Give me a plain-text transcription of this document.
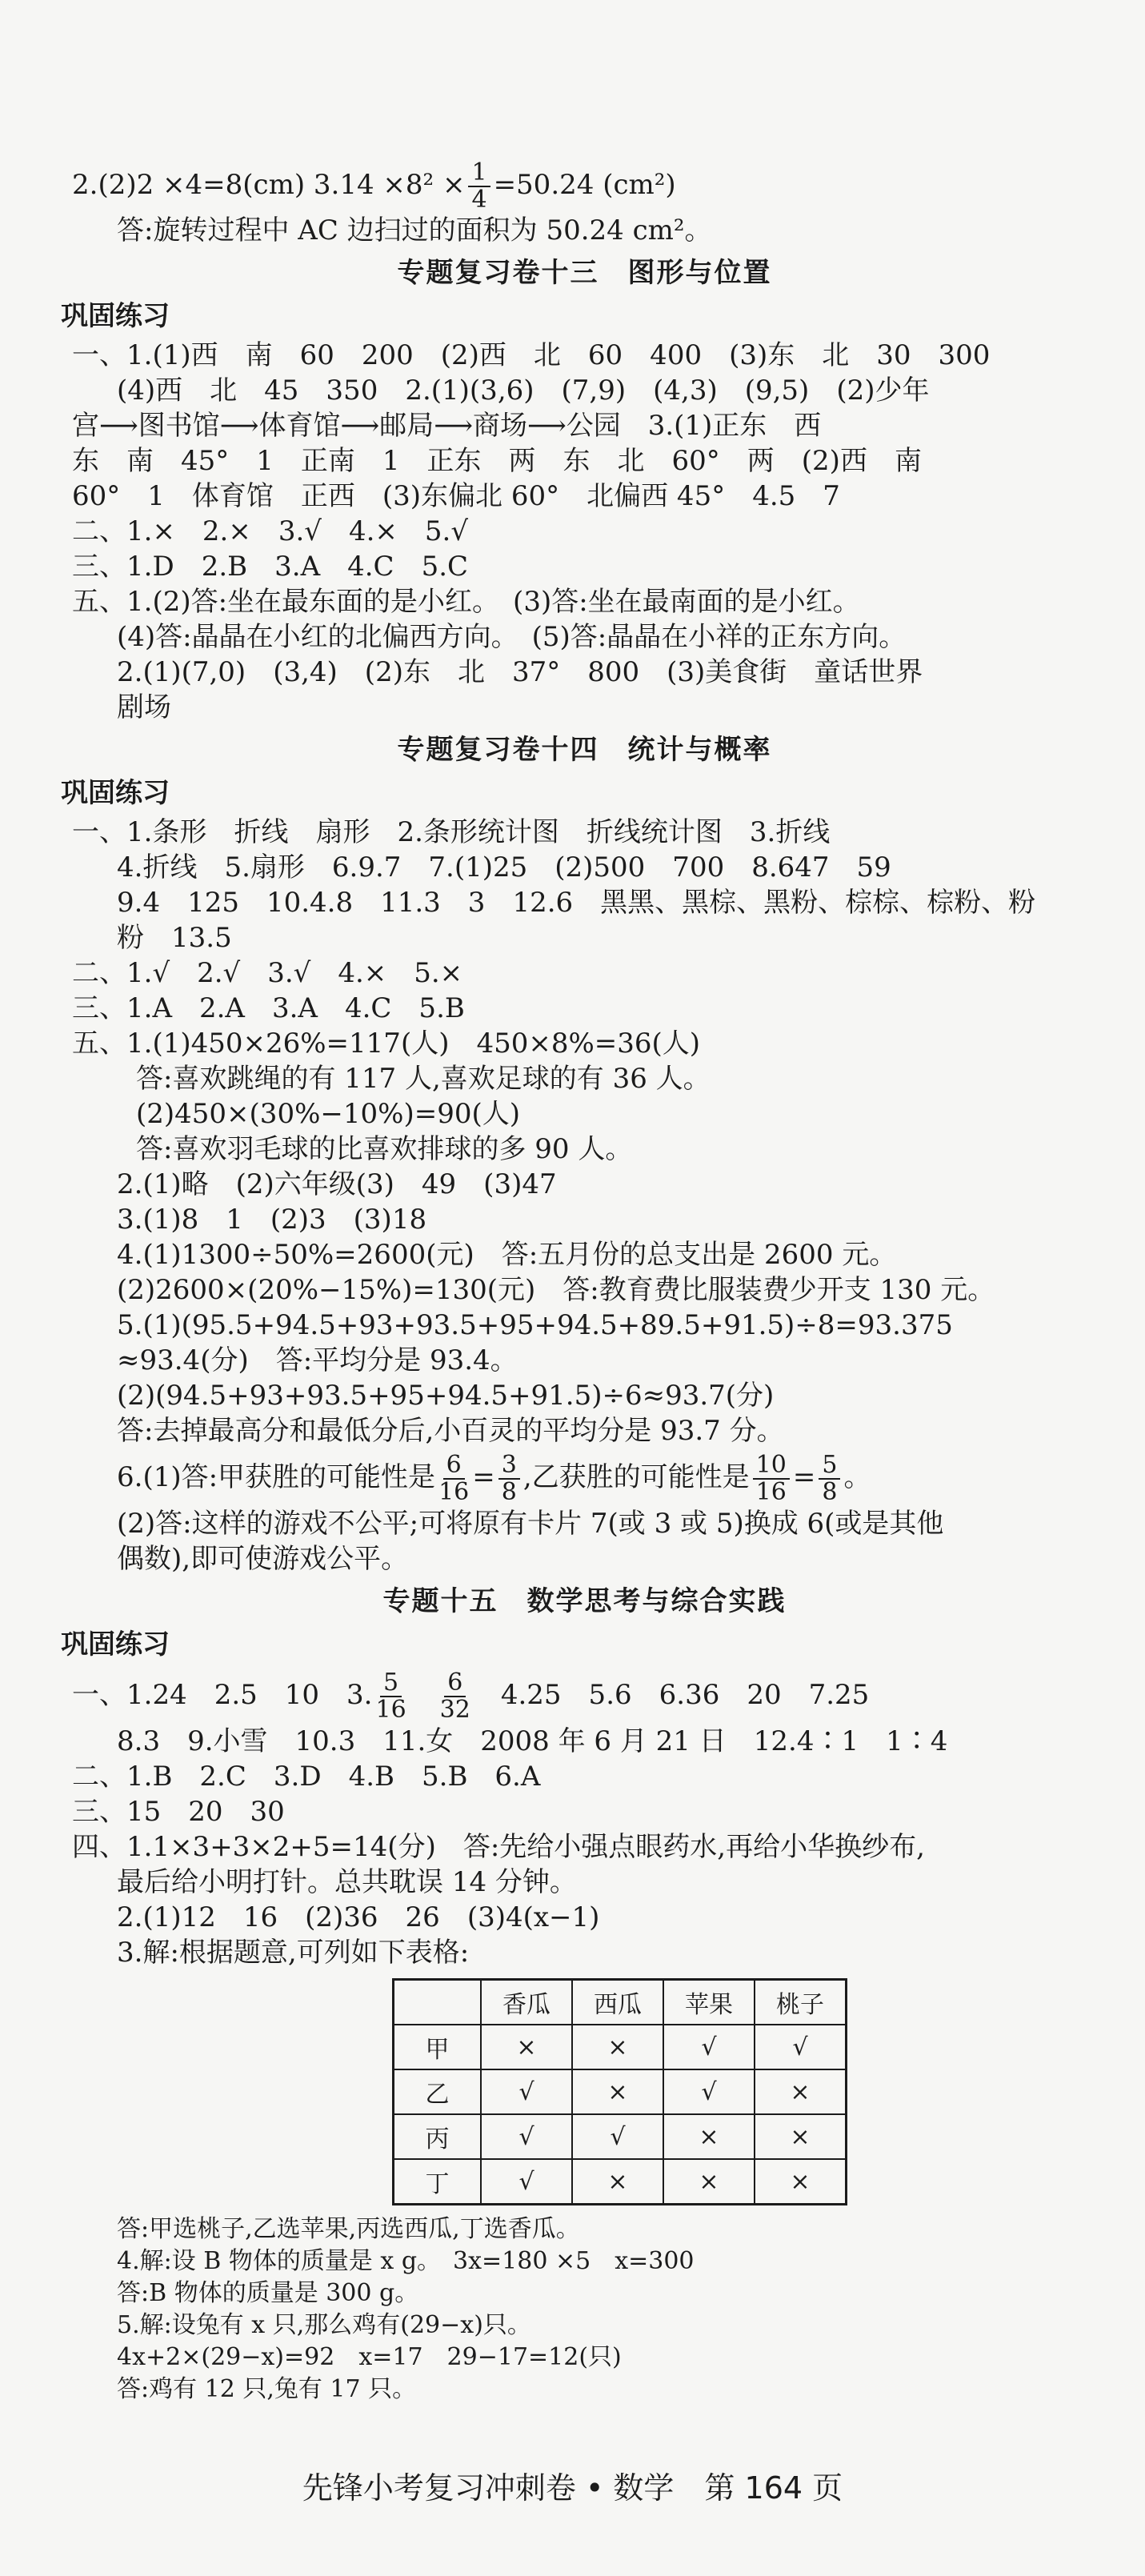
2.(2)2 ×4=8(cm) $3.14 \times 8^2 \times \frac{1}{4} =50.24$ (cm²)
答:旋转过程中 AC 边扫过的面积为 50.24 cm²。
专题复习卷十三　图形与位置
巩固练习
一、1.(1)西　南　60　200　(2)西　北　60　400　(3)东　北　30　300
(4)西　北　45　350　2.(1)(3,6)　(7,9)　(4,3)　(9,5)　(2)少年
宫⟶图书馆⟶体育馆⟶邮局⟶商场⟶公园　3.(1)正东　西
东　南　45°　1　正南　1　正东　两　东　北　60°　两　(2)西　南
60°　1　体育馆　正西　(3)东偏北 60°　北偏西 45°　4.5　7
二、1.×　2.×　3.√　4.×　5.√
三、1.D　2.B　3.A　4.C　5.C
五、1.(2)答:坐在最东面的是小红。　(3)答:坐在最南面的是小红。
(4)答:晶晶在小红的北偏西方向。　(5)答:晶晶在小祥的正东方向。
2.(1)(7,0)　(3,4)　(2)东　北　37°　800　(3)美食街　童话世界
剧场
专题复习卷十四　统计与概率
巩固练习
一、1.条形　折线　扇形　2.条形统计图　折线统计图　3.折线
4.折线　5.扇形　6.9.7　7.(1)25　(2)500　700　8.647　59
9.4　125　10.4.8　11.3　3　12.6　黑黑、黑棕、黑粉、棕棕、棕粉、粉
粉　13.5
二、1.√　2.√　3.√　4.×　5.×
三、1.A　2.A　3.A　4.C　5.B
五、1.(1)450×26%=117(人)　450×8%=36(人)
答:喜欢跳绳的有 117 人,喜欢足球的有 36 人。
(2)450×(30%−10%)=90(人)
答:喜欢羽毛球的比喜欢排球的多 90 人。
2.(1)略　(2)六年级(3)　49　(3)47
3.(1)8　1　(2)3　(3)18
4.(1)1300÷50%=2600(元)　答:五月份的总支出是 2600 元。
(2)2600×(20%−15%)=130(元)　答:教育费比服装费少开支 130 元。
5.(1)(95.5+94.5+93+93.5+95+94.5+89.5+91.5)÷8=93.375
≈93.4(分)　答:平均分是 93.4。
(2)(94.5+93+93.5+95+94.5+91.5)÷6≈93.7(分)
答:去掉最高分和最低分后,小百灵的平均分是 93.7 分。
6.(1)答:甲获胜的可能性是 $\frac{6}{16} = \frac{3}{8}$ ,乙获胜的可能性是 $\frac{10}{16} = \frac{5}{8}$ 。
(2)答:这样的游戏不公平;可将原有卡片 7(或 3 或 5)换成 6(或是其他
偶数),即可使游戏公平。
专题十五　数学思考与综合实践
巩固练习
一、1.24　2.5　10　3. $\frac{5}{16}$
　 $\frac{6}{32}$ 　4.25　5.6　6.36　20　7.25
8.3　9.小雪　10.3　11.女　2008 年 6 月 21 日　12.4∶1　1∶4
二、1.B　2.C　3.D　4.B　5.B　6.A
三、15　20　30
四、1.1×3+3×2+5=14(分)　答:先给小强点眼药水,再给小华换纱布,
最后给小明打针。总共耽误 14 分钟。
2.(1)12　16　(2)36　26　(3)4(x−1)
3.解:根据题意,可列如下表格:
	香瓜	西瓜	苹果	桃子
甲	×	×	√	√
乙	√	×	√	×
丙	√	√	×	×
丁	√	×	×	×
答:甲选桃子,乙选苹果,丙选西瓜,丁选香瓜。
4.解:设 B 物体的质量是 x g。　3x=180 ×5　x=300
答:B 物体的质量是 300 g。
5.解:设兔有 x 只,那么鸡有(29−x)只。
4x+2×(29−x)=92　x=17　29−17=12(只)
答:鸡有 12 只,兔有 17 只。
先锋小考复习冲刺卷 • 数学　第 164 页
